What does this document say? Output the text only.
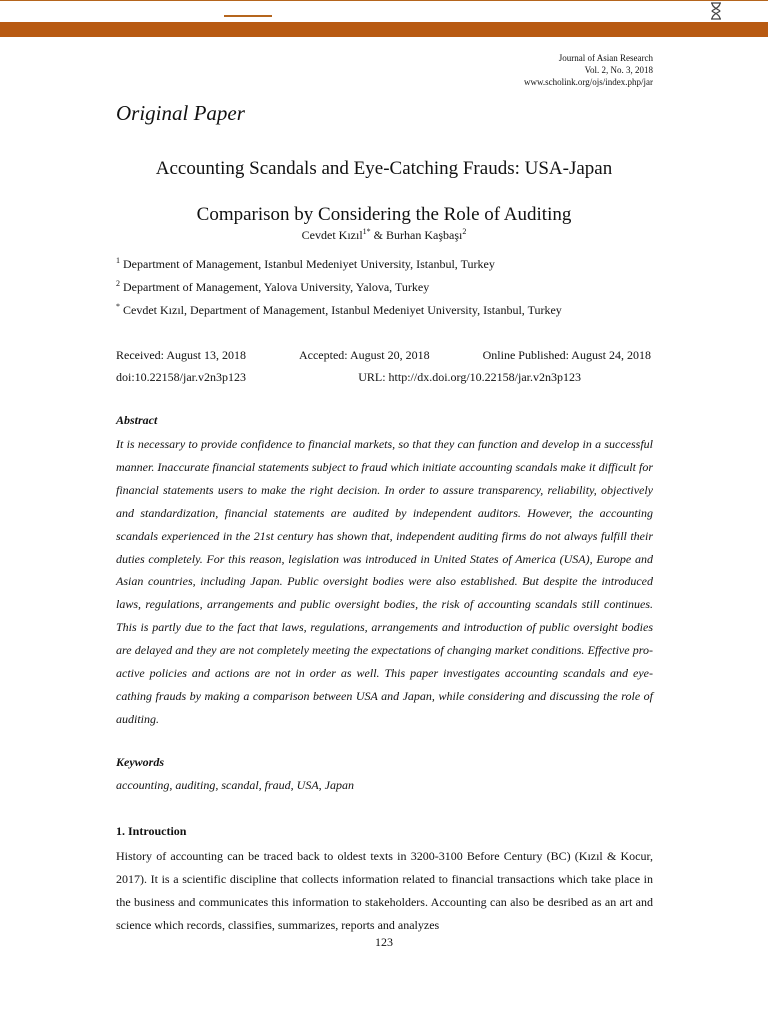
Journal of Asian Research
Vol. 2, No. 3, 2018
www.scholink.org/ojs/index.php/jar
Original Paper
Accounting Scandals and Eye-Catching Frauds: USA-Japan
Comparison by Considering the Role of Auditing
Cevdet Kızıl$^{1*}$ & Burhan Kaşbaşı$^2$
$^1$ Department of Management, Istanbul Medeniyet University, Istanbul, Turkey
$^2$ Department of Management, Yalova University, Yalova, Turkey
* Cevdet Kızıl, Department of Management, Istanbul Medeniyet University, Istanbul, Turkey
Received: August 13, 2018	Accepted: August 20, 2018	Online Published: August 24, 2018
doi:10.22158/jar.v2n3p123	URL: http://dx.doi.org/10.22158/jar.v2n3p123
Abstract

It is necessary to provide confidence to financial markets, so that they can function and develop in a successful manner. Inaccurate financial statements subject to fraud which initiate accounting scandals make it difficult for financial statements users to make the right decision. In order to assure transparency, reliability, objectively and standardization, financial statements are audited by independent auditors. However, the accounting scandals experienced in the 21st century has shown that, independent auditing firms do not always fulfill their duties completely. For this reason, legislation was introduced in United States of America (USA), Europe and Asian countries, including Japan. Public oversight bodies were also established. But despite the introduced laws, regulations, arrangements and public oversight bodies, the risk of accounting scandals still continues. This is partly due to the fact that laws, regulations, arrangements and introduction of public oversight bodies are delayed and they are not completely meeting the expectations of changing market conditions. Effective pro-active policies and actions are not in order as well. This paper investigates accounting scandals and eye-cathing frauds by making a comparison between USA and Japan, while considering and discussing the role of auditing.

Keywords
accounting, auditing, scandal, fraud, USA, Japan
1. Introuction

History of accounting can be traced back to oldest texts in 3200-3100 Before Century (BC) (Kızıl & Kocur, 2017). It is a scientific discipline that collects information related to financial transactions which take place in the business and communicates this information to stakeholders. Accounting can also be desribed as an art and science which records, classifies, summarizes, reports and analyzes

123
